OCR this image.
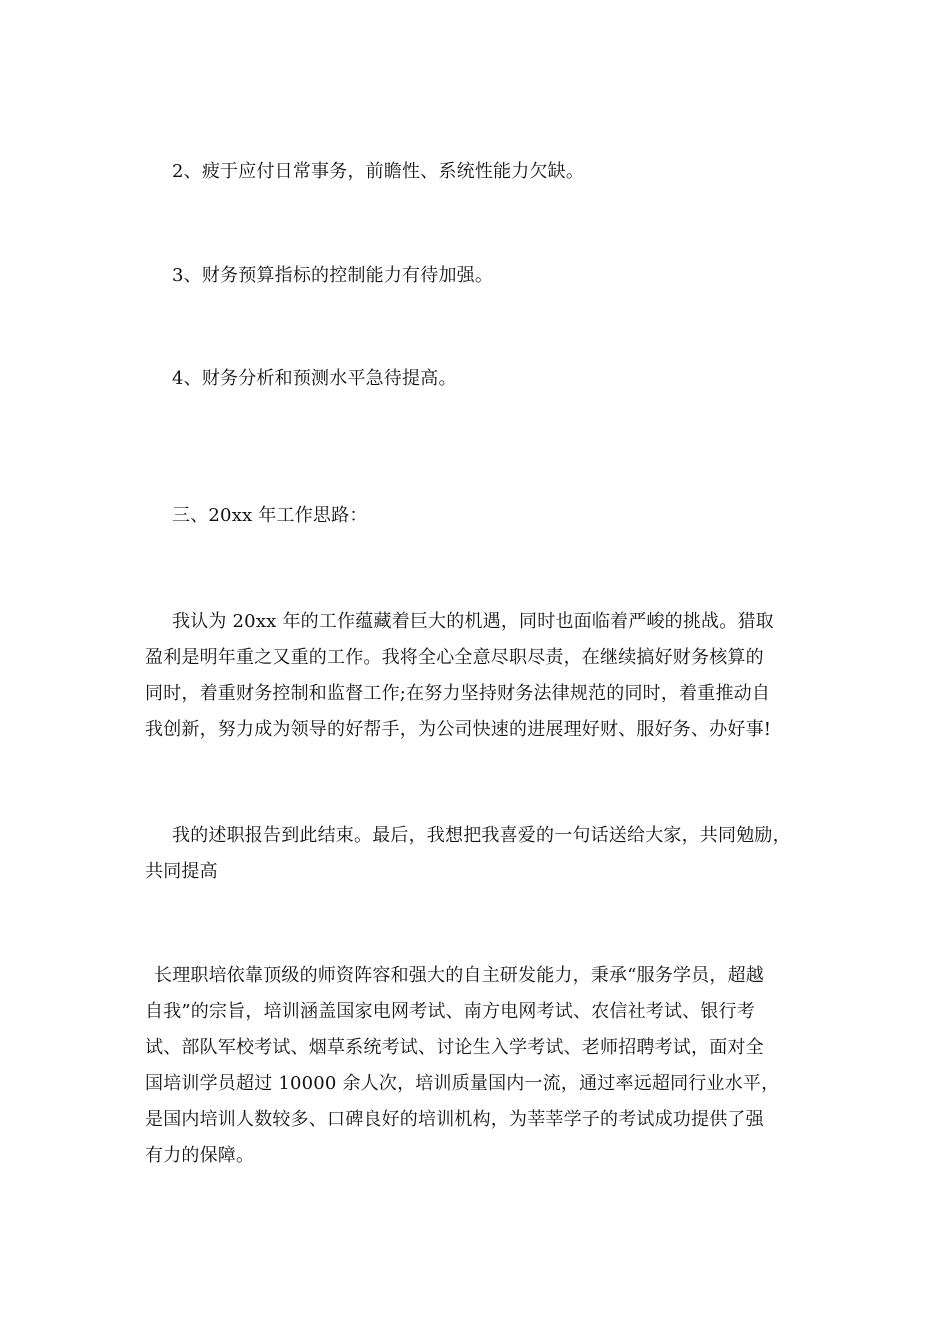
2、疲于应付日常事务，前瞻性、系统性能力欠缺。
3、财务预算指标的控制能力有待加强。
4、财务分析和预测水平急待提高。
三、20xx 年工作思路：
我认为 20xx 年的工作蕴藏着巨大的机遇，同时也面临着严峻的挑战。猎取
盈利是明年重之又重的工作。我将全心全意尽职尽责，在继续搞好财务核算的
同时，着重财务控制和监督工作;在努力坚持财务法律规范的同时，着重推动自
我创新，努力成为领导的好帮手，为公司快速的进展理好财、服好务、办好事!
我的述职报告到此结束。最后，我想把我喜爱的一句话送给大家，共同勉励，
共同提高
长理职培依靠顶级的师资阵容和强大的自主研发能力，秉承“服务学员，超越
自我”的宗旨，培训涵盖国家电网考试、南方电网考试、农信社考试、银行考
试、部队军校考试、烟草系统考试、讨论生入学考试、老师招聘考试，面对全
国培训学员超过 10000 余人次，培训质量国内一流，通过率远超同行业水平，
是国内培训人数较多、口碑良好的培训机构，为莘莘学子的考试成功提供了强
有力的保障。
